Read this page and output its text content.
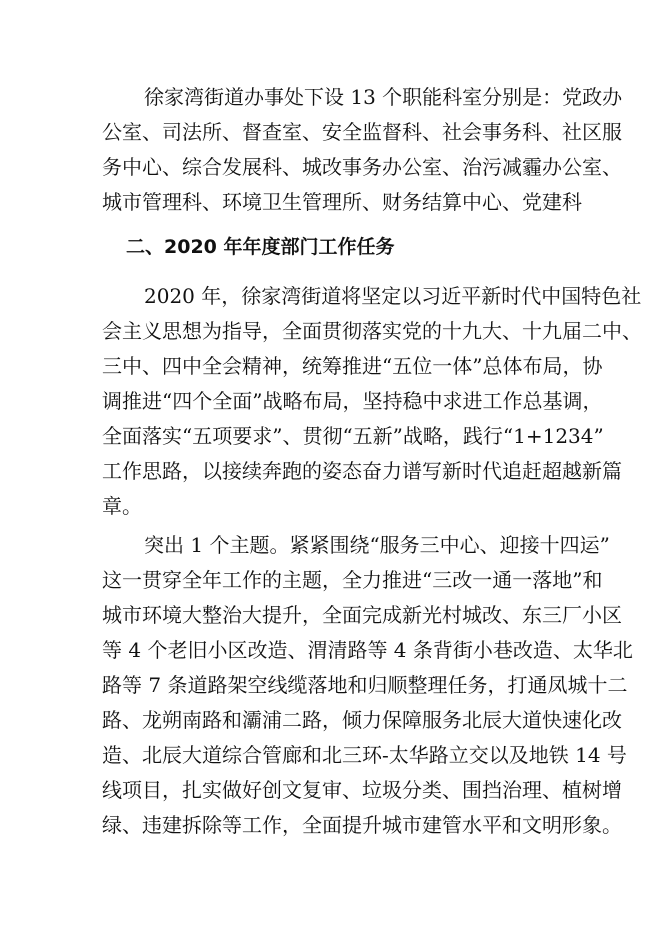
徐家湾街道办事处下设 13 个职能科室分别是：党政办
公室、司法所、督查室、安全监督科、社会事务科、社区服
务中心、综合发展科、城改事务办公室、治污减霾办公室、
城市管理科、环境卫生管理所、财务结算中心、党建科
二、2020 年年度部门工作任务
2020 年，徐家湾街道将坚定以习近平新时代中国特色社
会主义思想为指导，全面贯彻落实党的十九大、十九届二中、
三中、四中全会精神，统筹推进“五位一体”总体布局，协
调推进“四个全面”战略布局，坚持稳中求进工作总基调，
全面落实“五项要求”、贯彻“五新”战略，践行“1+1234”
工作思路，以接续奔跑的姿态奋力谱写新时代追赶超越新篇
章。
突出 1 个主题。紧紧围绕“服务三中心、迎接十四运”
这一贯穿全年工作的主题，全力推进“三改一通一落地”和
城市环境大整治大提升，全面完成新光村城改、东三厂小区
等 4 个老旧小区改造、渭清路等 4 条背街小巷改造、太华北
路等 7 条道路架空线缆落地和归顺整理任务，打通凤城十二
路、龙朔南路和灞浦二路，倾力保障服务北辰大道快速化改
造、北辰大道综合管廊和北三环-太华路立交以及地铁 14 号
线项目，扎实做好创文复审、垃圾分类、围挡治理、植树增
绿、违建拆除等工作，全面提升城市建管水平和文明形象。
